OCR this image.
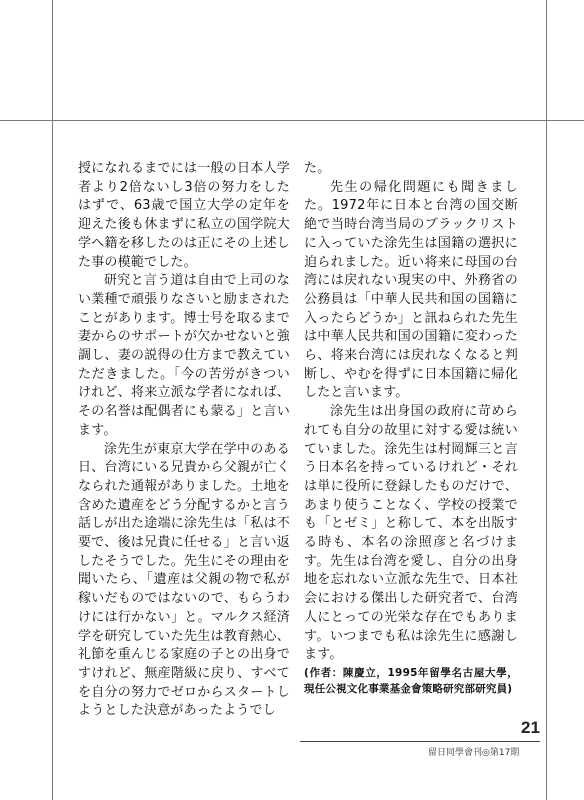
授になれるまでには一般の日本人学者より2倍ないし3倍の努力をしたはずで、63歳で国立大学の定年を迎えた後も休まずに私立の国学院大学へ籍を移したのは正にその上述した事の模範でした。

研究と言う道は自由で上司のない業種で頑張りなさいと励まされたことがあります。博士号を取るまで妻からのサポートが欠かせないと強調し、妻の説得の仕方まで教えていただきました。「今の苦労がきついけれど、将来立派な学者になれば、その名誉は配偶者にも蒙る」と言います。

涂先生が東京大学在学中のある日、台湾にいる兄貴から父親が亡くなられた通報がありました。土地を含めた遺産をどう分配するかと言う話しが出た途端に涂先生は「私は不要で、後は兄貴に任せる」と言い返したそうでした。先生にその理由を聞いたら、「遺産は父親の物で私が稼いだものではないので、もらうわけには行かない」と。マルクス経済学を研究していた先生は教育熱心、礼節を重んじる家庭の子との出身ですけれど、無産階級に戻り、すべてを自分の努力でゼロからスタートしようとした決意があったようでし

た。

先生の帰化問題にも聞きました。1972年に日本と台湾の国交断絶で当時台湾当局のブラックリストに入っていた涂先生は国籍の選択に迫られました。近い将来に母国の台湾には戻れない現実の中、外務省の公務員は「中華人民共和国の国籍に入ったらどうか」と訊ねられた先生は中華人民共和国の国籍に変わったら、将来台湾には戻れなくなると判断し、やむを得ずに日本国籍に帰化したと言います。

涂先生は出身国の政府に苛められても自分の故里に対する愛は統いていました。涂先生は村岡輝三と言う日本名を持っているけれど・それは単に役所に登録したものだけで、あまり使うことなく、学校の授業でも「とゼミ」と称して、本を出版する時も、本名の涂照彦と名づけます。先生は台湾を愛し、自分の出身地を忘れない立派な先生で、日本社会における傑出した研究者で、台湾人にとっての光栄な存在でもあります。いつまでも私は涂先生に感謝します。

(作者：陳慶立，1995年留學名古屋大學，現任公視文化事業基金會策略研究部研究員)

21
留日同學會刊◎第17期
